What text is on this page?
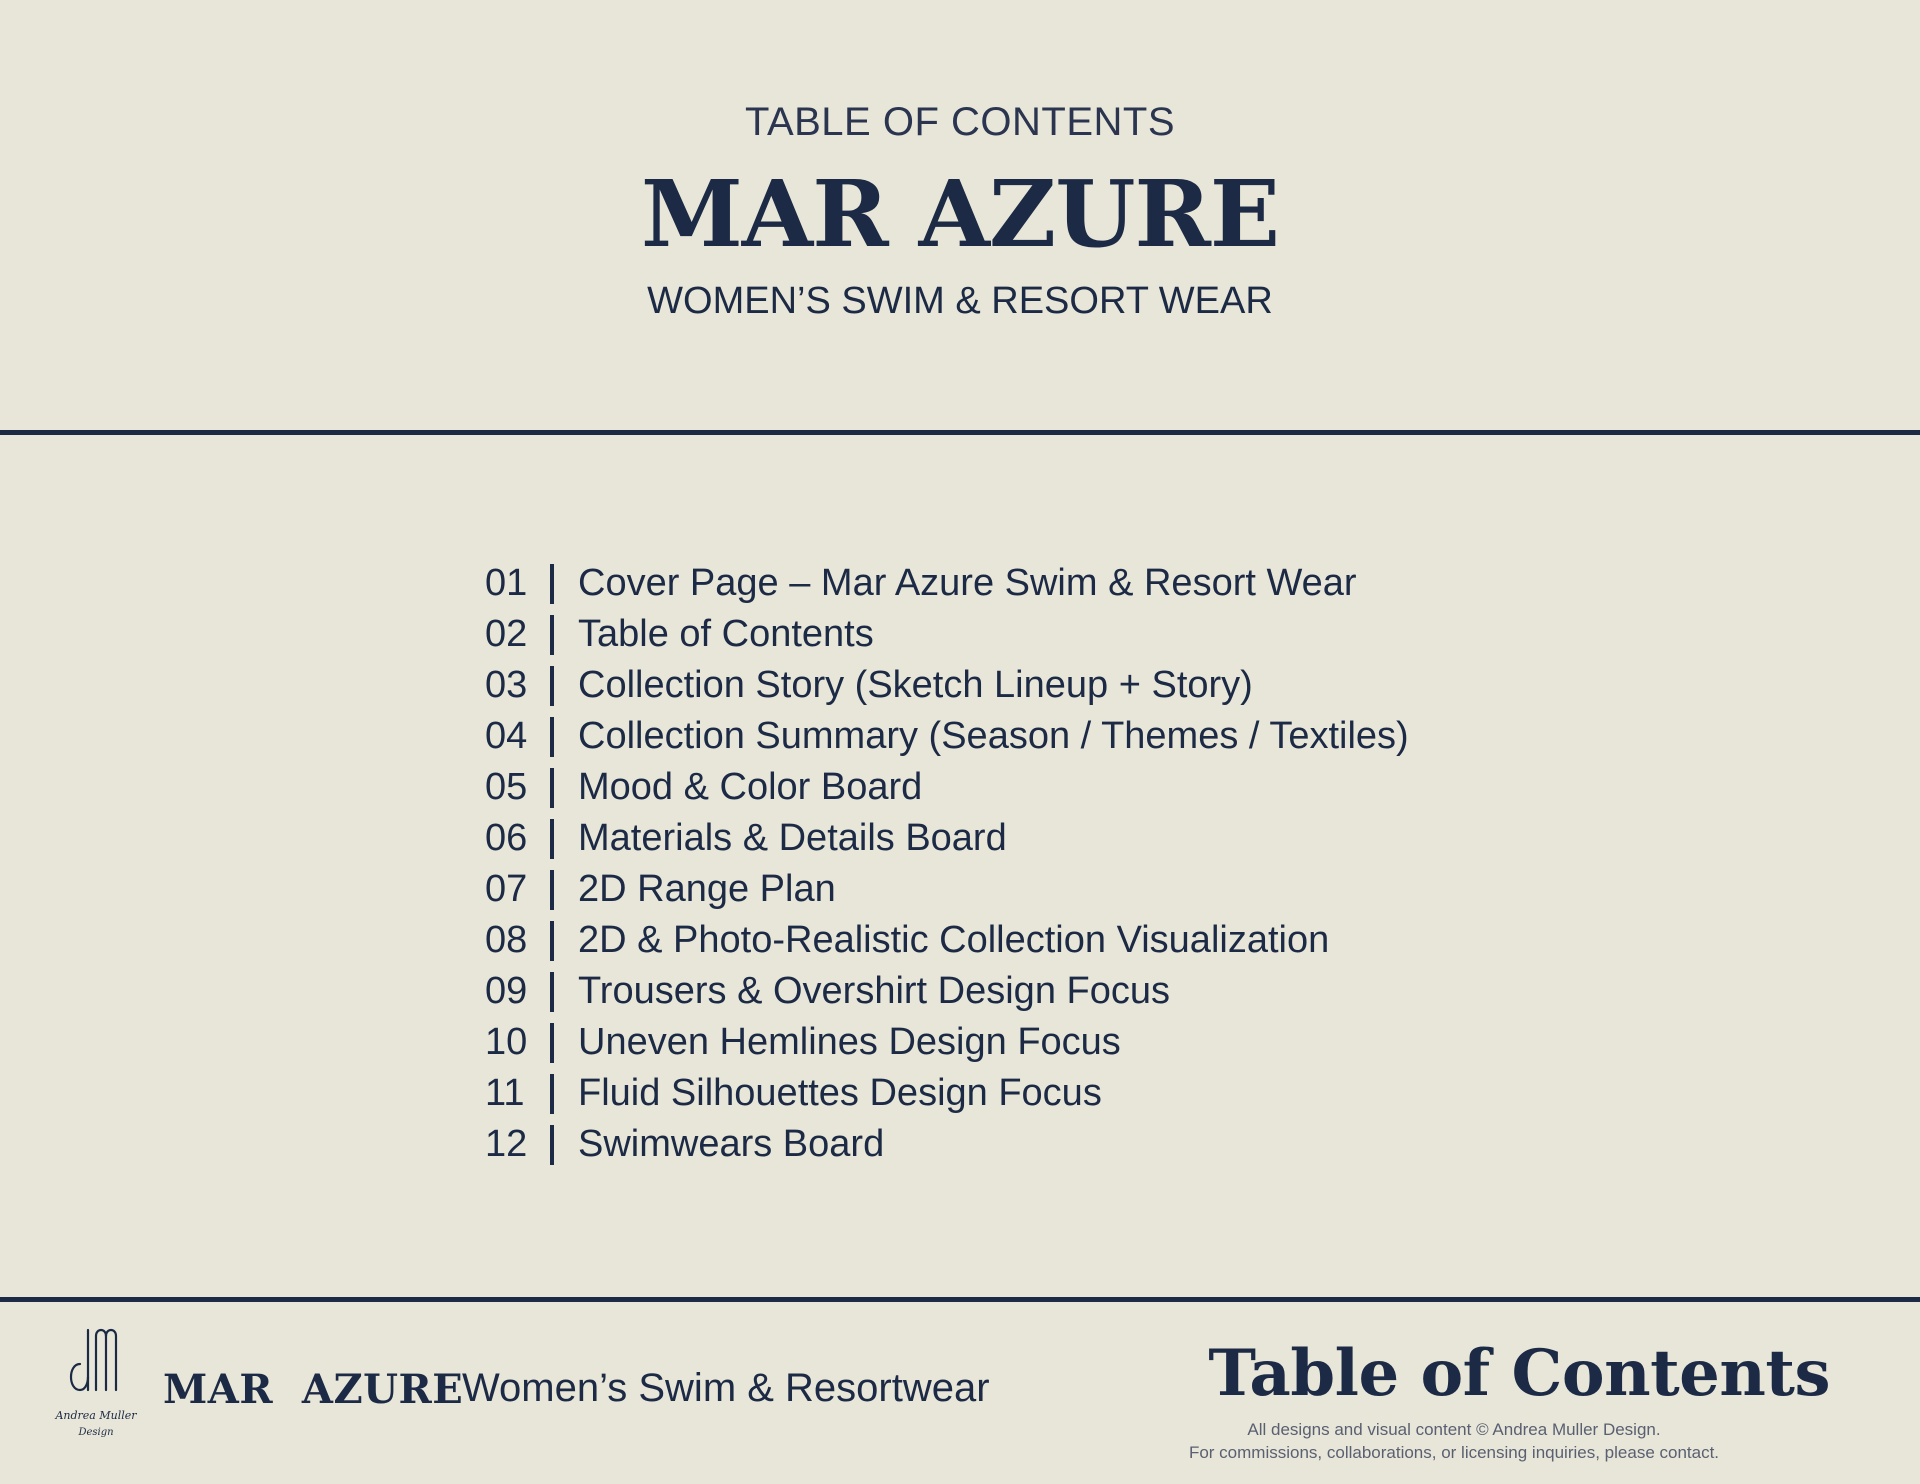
TABLE OF CONTENTS
MAR AZURE
WOMEN’S SWIM & RESORT WEAR
01	Cover Page – Mar Azure Swim & Resort Wear
02	Table of Contents
03	Collection Story (Sketch Lineup + Story)
04	Collection Summary (Season / Themes / Textiles)
05	Mood & Color Board
06	Materials & Details Board
07	2D Range Plan
08	2D & Photo-Realistic Collection Visualization
09	Trousers & Overshirt Design Focus
10	Uneven Hemlines Design Focus
11	Fluid Silhouettes Design Focus
12	Swimwears Board
Andrea Muller
Design
MAR  AZURE
Women’s Swim & Resortwear	Table of Contents
All designs and visual content © Andrea Muller Design.
For commissions, collaborations, or licensing inquiries, please contact.
